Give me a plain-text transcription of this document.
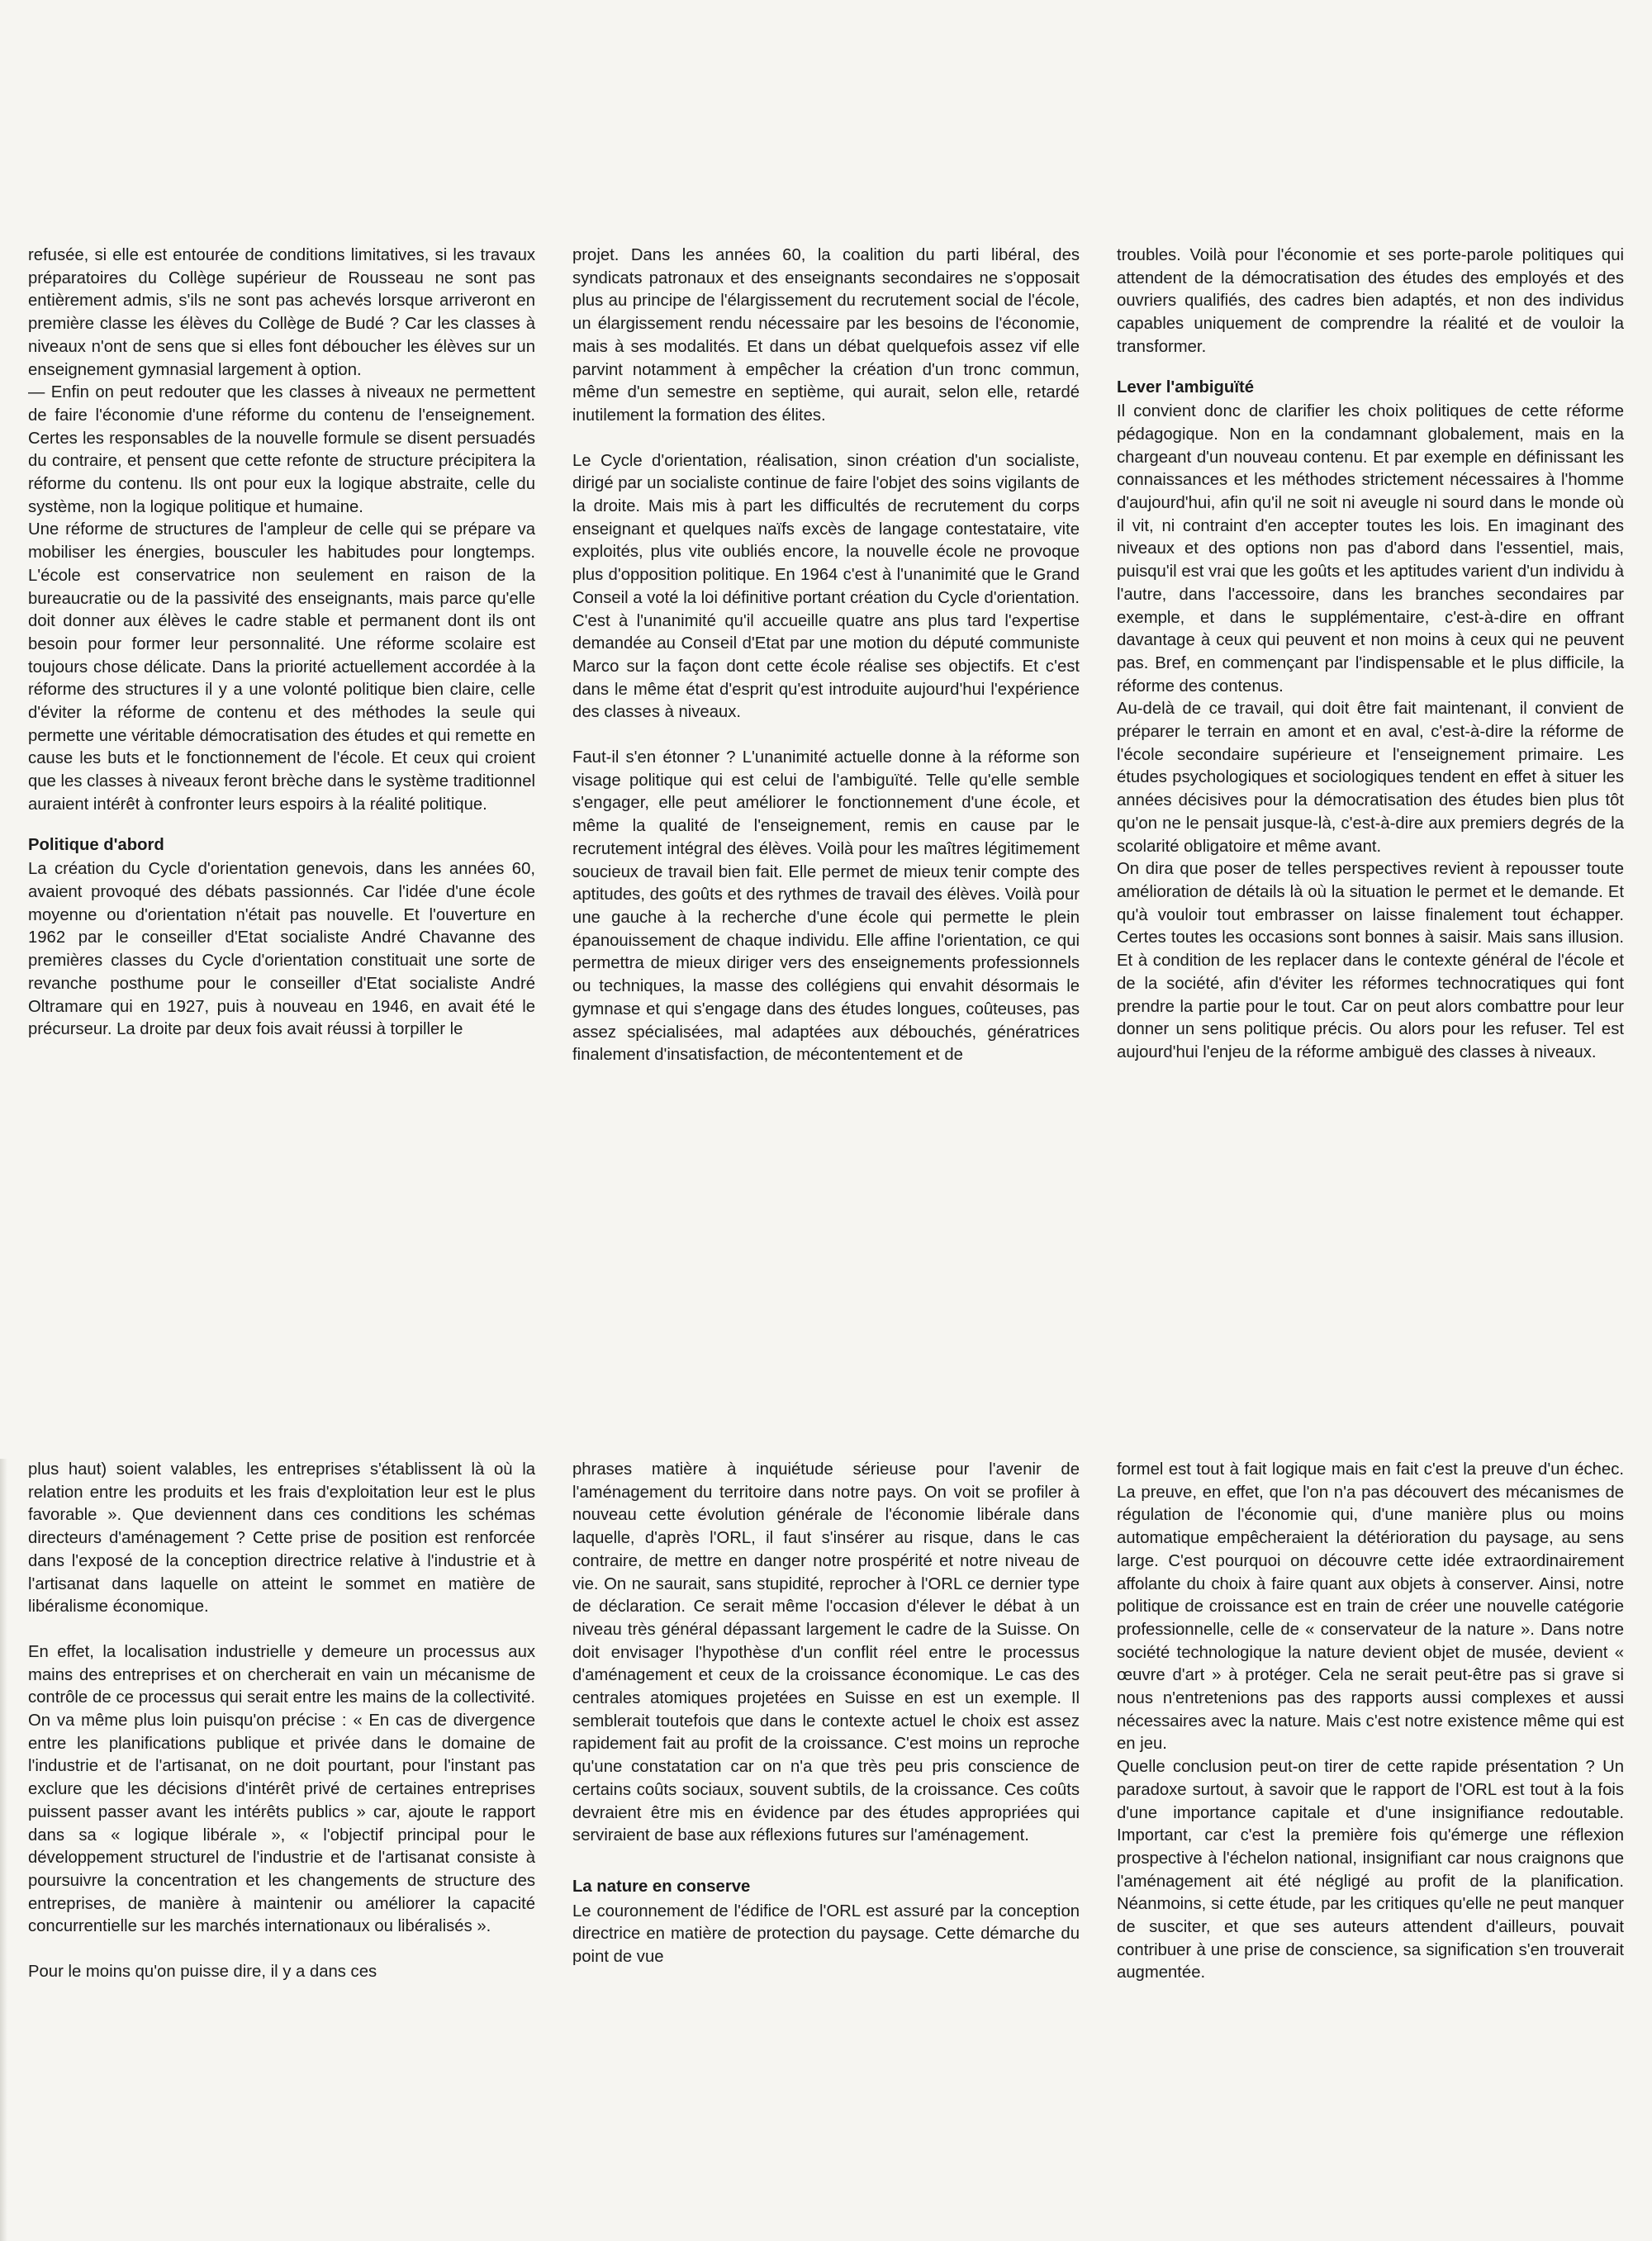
refusée, si elle est entourée de conditions limitatives, si les travaux préparatoires du Collège supérieur de Rousseau ne sont pas entièrement admis, s'ils ne sont pas achevés lorsque arriveront en première classe les élèves du Collège de Budé ? Car les classes à niveaux n'ont de sens que si elles font déboucher les élèves sur un enseignement gymnasial largement à option.

— Enfin on peut redouter que les classes à niveaux ne permettent de faire l'économie d'une réforme du contenu de l'enseignement. Certes les responsables de la nouvelle formule se disent persuadés du contraire, et pensent que cette refonte de structure précipitera la réforme du contenu. Ils ont pour eux la logique abstraite, celle du système, non la logique politique et humaine.

Une réforme de structures de l'ampleur de celle qui se prépare va mobiliser les énergies, bousculer les habitudes pour longtemps. L'école est conservatrice non seulement en raison de la bureaucratie ou de la passivité des enseignants, mais parce qu'elle doit donner aux élèves le cadre stable et permanent dont ils ont besoin pour former leur personnalité. Une réforme scolaire est toujours chose délicate. Dans la priorité actuellement accordée à la réforme des structures il y a une volonté politique bien claire, celle d'éviter la réforme de contenu et des méthodes la seule qui permette une véritable démocratisation des études et qui remette en cause les buts et le fonctionnement de l'école. Et ceux qui croient que les classes à niveaux feront brèche dans le système traditionnel auraient intérêt à confronter leurs espoirs à la réalité politique.

Politique d'abord

La création du Cycle d'orientation genevois, dans les années 60, avaient provoqué des débats passionnés. Car l'idée d'une école moyenne ou d'orientation n'était pas nouvelle. Et l'ouverture en 1962 par le conseiller d'Etat socialiste André Chavanne des premières classes du Cycle d'orientation constituait une sorte de revanche posthume pour le conseiller d'Etat socialiste André Oltramare qui en 1927, puis à nouveau en 1946, en avait été le précurseur. La droite par deux fois avait réussi à torpiller le

projet. Dans les années 60, la coalition du parti libéral, des syndicats patronaux et des enseignants secondaires ne s'opposait plus au principe de l'élargissement du recrutement social de l'école, un élargissement rendu nécessaire par les besoins de l'économie, mais à ses modalités. Et dans un débat quelquefois assez vif elle parvint notamment à empêcher la création d'un tronc commun, même d'un semestre en septième, qui aurait, selon elle, retardé inutilement la formation des élites.

Le Cycle d'orientation, réalisation, sinon création d'un socialiste, dirigé par un socialiste continue de faire l'objet des soins vigilants de la droite. Mais mis à part les difficultés de recrutement du corps enseignant et quelques naïfs excès de langage contestataire, vite exploités, plus vite oubliés encore, la nouvelle école ne provoque plus d'opposition politique. En 1964 c'est à l'unanimité que le Grand Conseil a voté la loi définitive portant création du Cycle d'orientation. C'est à l'unanimité qu'il accueille quatre ans plus tard l'expertise demandée au Conseil d'Etat par une motion du député communiste Marco sur la façon dont cette école réalise ses objectifs. Et c'est dans le même état d'esprit qu'est introduite aujourd'hui l'expérience des classes à niveaux.

Faut-il s'en étonner ? L'unanimité actuelle donne à la réforme son visage politique qui est celui de l'ambiguïté. Telle qu'elle semble s'engager, elle peut améliorer le fonctionnement d'une école, et même la qualité de l'enseignement, remis en cause par le recrutement intégral des élèves. Voilà pour les maîtres légitimement soucieux de travail bien fait. Elle permet de mieux tenir compte des aptitudes, des goûts et des rythmes de travail des élèves. Voilà pour une gauche à la recherche d'une école qui permette le plein épanouissement de chaque individu. Elle affine l'orientation, ce qui permettra de mieux diriger vers des enseignements professionnels ou techniques, la masse des collégiens qui envahit désormais le gymnase et qui s'engage dans des études longues, coûteuses, pas assez spécialisées, mal adaptées aux débouchés, génératrices finalement d'insatisfaction, de mécontentement et de

troubles. Voilà pour l'économie et ses porte-parole politiques qui attendent de la démocratisation des études des employés et des ouvriers qualifiés, des cadres bien adaptés, et non des individus capables uniquement de comprendre la réalité et de vouloir la transformer.

Lever l'ambiguïté

Il convient donc de clarifier les choix politiques de cette réforme pédagogique. Non en la condamnant globalement, mais en la chargeant d'un nouveau contenu. Et par exemple en définissant les connaissances et les méthodes strictement nécessaires à l'homme d'aujourd'hui, afin qu'il ne soit ni aveugle ni sourd dans le monde où il vit, ni contraint d'en accepter toutes les lois. En imaginant des niveaux et des options non pas d'abord dans l'essentiel, mais, puisqu'il est vrai que les goûts et les aptitudes varient d'un individu à l'autre, dans l'accessoire, dans les branches secondaires par exemple, et dans le supplémentaire, c'est-à-dire en offrant davantage à ceux qui peuvent et non moins à ceux qui ne peuvent pas. Bref, en commençant par l'indispensable et le plus difficile, la réforme des contenus.

Au-delà de ce travail, qui doit être fait maintenant, il convient de préparer le terrain en amont et en aval, c'est-à-dire la réforme de l'école secondaire supérieure et l'enseignement primaire. Les études psychologiques et sociologiques tendent en effet à situer les années décisives pour la démocratisation des études bien plus tôt qu'on ne le pensait jusque-là, c'est-à-dire aux premiers degrés de la scolarité obligatoire et même avant.

On dira que poser de telles perspectives revient à repousser toute amélioration de détails là où la situation le permet et le demande. Et qu'à vouloir tout embrasser on laisse finalement tout échapper. Certes toutes les occasions sont bonnes à saisir. Mais sans illusion. Et à condition de les replacer dans le contexte général de l'école et de la société, afin d'éviter les réformes technocratiques qui font prendre la partie pour le tout. Car on peut alors combattre pour leur donner un sens politique précis. Ou alors pour les refuser. Tel est aujourd'hui l'enjeu de la réforme ambiguë des classes à niveaux.

plus haut) soient valables, les entreprises s'établissent là où la relation entre les produits et les frais d'exploitation leur est le plus favorable ». Que deviennent dans ces conditions les schémas directeurs d'aménagement ? Cette prise de position est renforcée dans l'exposé de la conception directrice relative à l'industrie et à l'artisanat dans laquelle on atteint le sommet en matière de libéralisme économique.

En effet, la localisation industrielle y demeure un processus aux mains des entreprises et on chercherait en vain un mécanisme de contrôle de ce processus qui serait entre les mains de la collectivité. On va même plus loin puisqu'on précise : « En cas de divergence entre les planifications publique et privée dans le domaine de l'industrie et de l'artisanat, on ne doit pourtant, pour l'instant pas exclure que les décisions d'intérêt privé de certaines entreprises puissent passer avant les intérêts publics » car, ajoute le rapport dans sa « logique libérale », « l'objectif principal pour le développement structurel de l'industrie et de l'artisanat consiste à poursuivre la concentration et les changements de structure des entreprises, de manière à maintenir ou améliorer la capacité concurrentielle sur les marchés internationaux ou libéralisés ».

Pour le moins qu'on puisse dire, il y a dans ces

phrases matière à inquiétude sérieuse pour l'avenir de l'aménagement du territoire dans notre pays. On voit se profiler à nouveau cette évolution générale de l'économie libérale dans laquelle, d'après l'ORL, il faut s'insérer au risque, dans le cas contraire, de mettre en danger notre prospérité et notre niveau de vie. On ne saurait, sans stupidité, reprocher à l'ORL ce dernier type de déclaration. Ce serait même l'occasion d'élever le débat à un niveau très général dépassant largement le cadre de la Suisse. On doit envisager l'hypothèse d'un conflit réel entre le processus d'aménagement et ceux de la croissance économique. Le cas des centrales atomiques projetées en Suisse en est un exemple. Il semblerait toutefois que dans le contexte actuel le choix est assez rapidement fait au profit de la croissance. C'est moins un reproche qu'une constatation car on n'a que très peu pris conscience de certains coûts sociaux, souvent subtils, de la croissance. Ces coûts devraient être mis en évidence par des études appropriées qui serviraient de base aux réflexions futures sur l'aménagement.

La nature en conserve

Le couronnement de l'édifice de l'ORL est assuré par la conception directrice en matière de protection du paysage. Cette démarche du point de vue

formel est tout à fait logique mais en fait c'est la preuve d'un échec. La preuve, en effet, que l'on n'a pas découvert des mécanismes de régulation de l'économie qui, d'une manière plus ou moins automatique empêcheraient la détérioration du paysage, au sens large. C'est pourquoi on découvre cette idée extraordinairement affolante du choix à faire quant aux objets à conserver. Ainsi, notre politique de croissance est en train de créer une nouvelle catégorie professionnelle, celle de « conservateur de la nature ». Dans notre société technologique la nature devient objet de musée, devient « œuvre d'art » à protéger. Cela ne serait peut-être pas si grave si nous n'entretenions pas des rapports aussi complexes et aussi nécessaires avec la nature. Mais c'est notre existence même qui est en jeu.

Quelle conclusion peut-on tirer de cette rapide présentation ? Un paradoxe surtout, à savoir que le rapport de l'ORL est tout à la fois d'une importance capitale et d'une insignifiance redoutable. Important, car c'est la première fois qu'émerge une réflexion prospective à l'échelon national, insignifiant car nous craignons que l'aménagement ait été négligé au profit de la planification. Néanmoins, si cette étude, par les critiques qu'elle ne peut manquer de susciter, et que ses auteurs attendent d'ailleurs, pouvait contribuer à une prise de conscience, sa signification s'en trouverait augmentée.
